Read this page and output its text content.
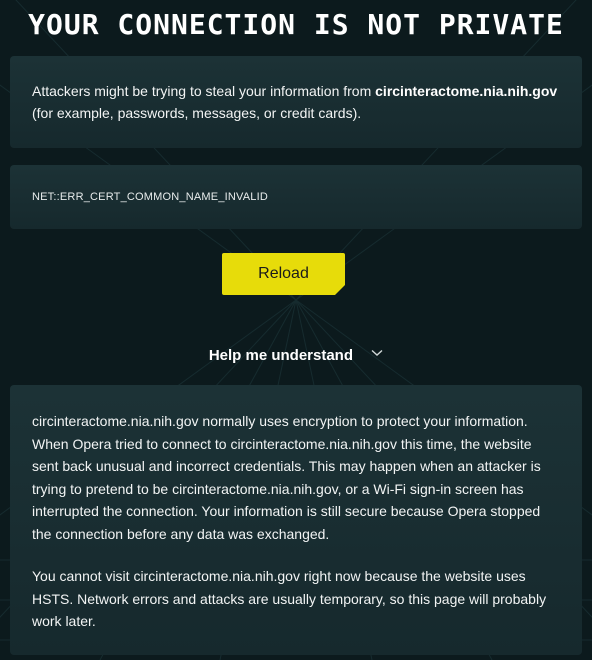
YOUR CONNECTION IS NOT PRIVATE
Attackers might be trying to steal your information from circinteractome.nia.nih.gov (for example, passwords, messages, or credit cards).
NET::ERR_CERT_COMMON_NAME_INVALID
Reload
Help me understand

circinteractome.nia.nih.gov normally uses encryption to protect your information. When Opera tried to connect to circinteractome.nia.nih.gov this time, the website sent back unusual and incorrect credentials. This may happen when an attacker is trying to pretend to be circinteractome.nia.nih.gov, or a Wi-Fi sign-in screen has interrupted the connection. Your information is still secure because Opera stopped the connection before any data was exchanged.

You cannot visit circinteractome.nia.nih.gov right now because the website uses HSTS. Network errors and attacks are usually temporary, so this page will probably work later.
